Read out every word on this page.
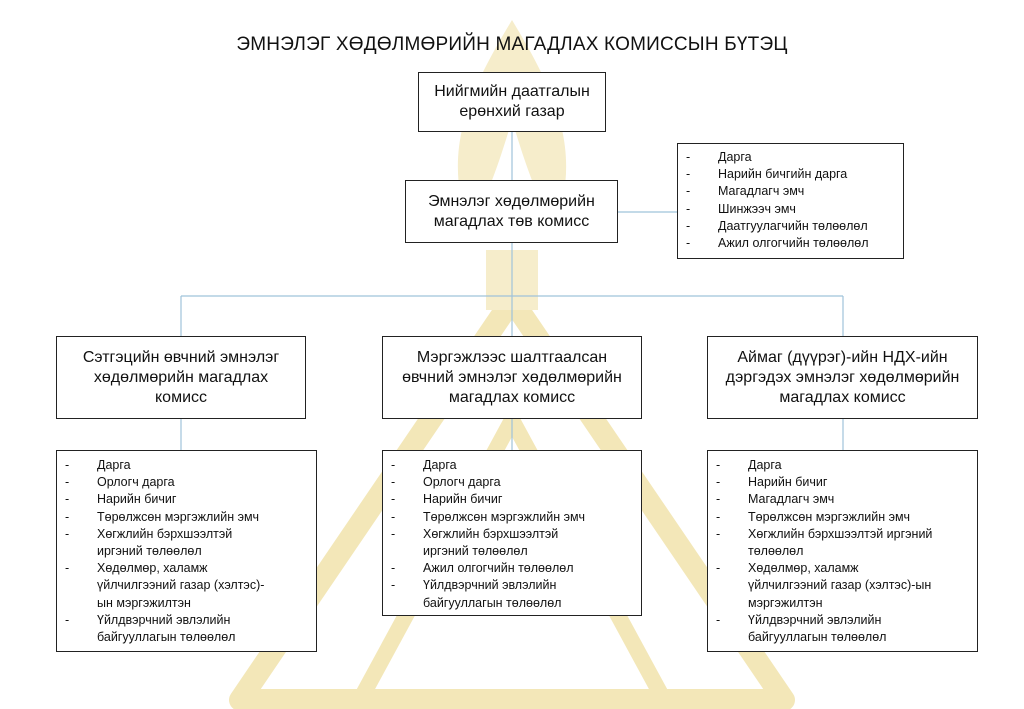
ЭМНЭЛЭГ ХӨДӨЛМӨРИЙН МАГАДЛАХ КОМИССЫН БҮТЭЦ
Нийгмийн даатгалын
ерөнхий газар
Эмнэлэг хөдөлмөрийн
магадлах төв комисс
- Дарга
- Нарийн бичгийн дарга
- Магадлагч эмч
- Шинжээч эмч
- Даатгуулагчийн төлөөлөл
- Ажил олгогчийн төлөөлөл
Сэтгэцийн өвчний эмнэлэг
хөдөлмөрийн магадлах
комисс
Мэргэжлээс шалтгаалсан
өвчний эмнэлэг хөдөлмөрийн
магадлах комисс
Аймаг (дүүрэг)-ийн НДХ-ийн
дэргэдэх эмнэлэг хөдөлмөрийн
магадлах комисс
- Дарга
- Орлогч дарга
- Нарийн бичиг
- Төрөлжсөн мэргэжлийн эмч
- Хөгжлийн бэрхшээлтэй
иргэний төлөөлөл
- Хөдөлмөр, халамж
үйлчилгээний газар (хэлтэс)-
ын мэргэжилтэн
- Үйлдвэрчний эвлэлийн
байгууллагын төлөөлөл
- Дарга
- Орлогч дарга
- Нарийн бичиг
- Төрөлжсөн мэргэжлийн эмч
- Хөгжлийн бэрхшээлтэй
иргэний төлөөлөл
- Ажил олгогчийн төлөөлөл
- Үйлдвэрчний эвлэлийн
байгууллагын төлөөлөл
- Дарга
- Нарийн бичиг
- Магадлагч эмч
- Төрөлжсөн мэргэжлийн эмч
- Хөгжлийн бэрхшээлтэй иргэний
төлөөлөл
- Хөдөлмөр, халамж
үйлчилгээний газар (хэлтэс)-ын
мэргэжилтэн
- Үйлдвэрчний эвлэлийн
байгууллагын төлөөлөл
